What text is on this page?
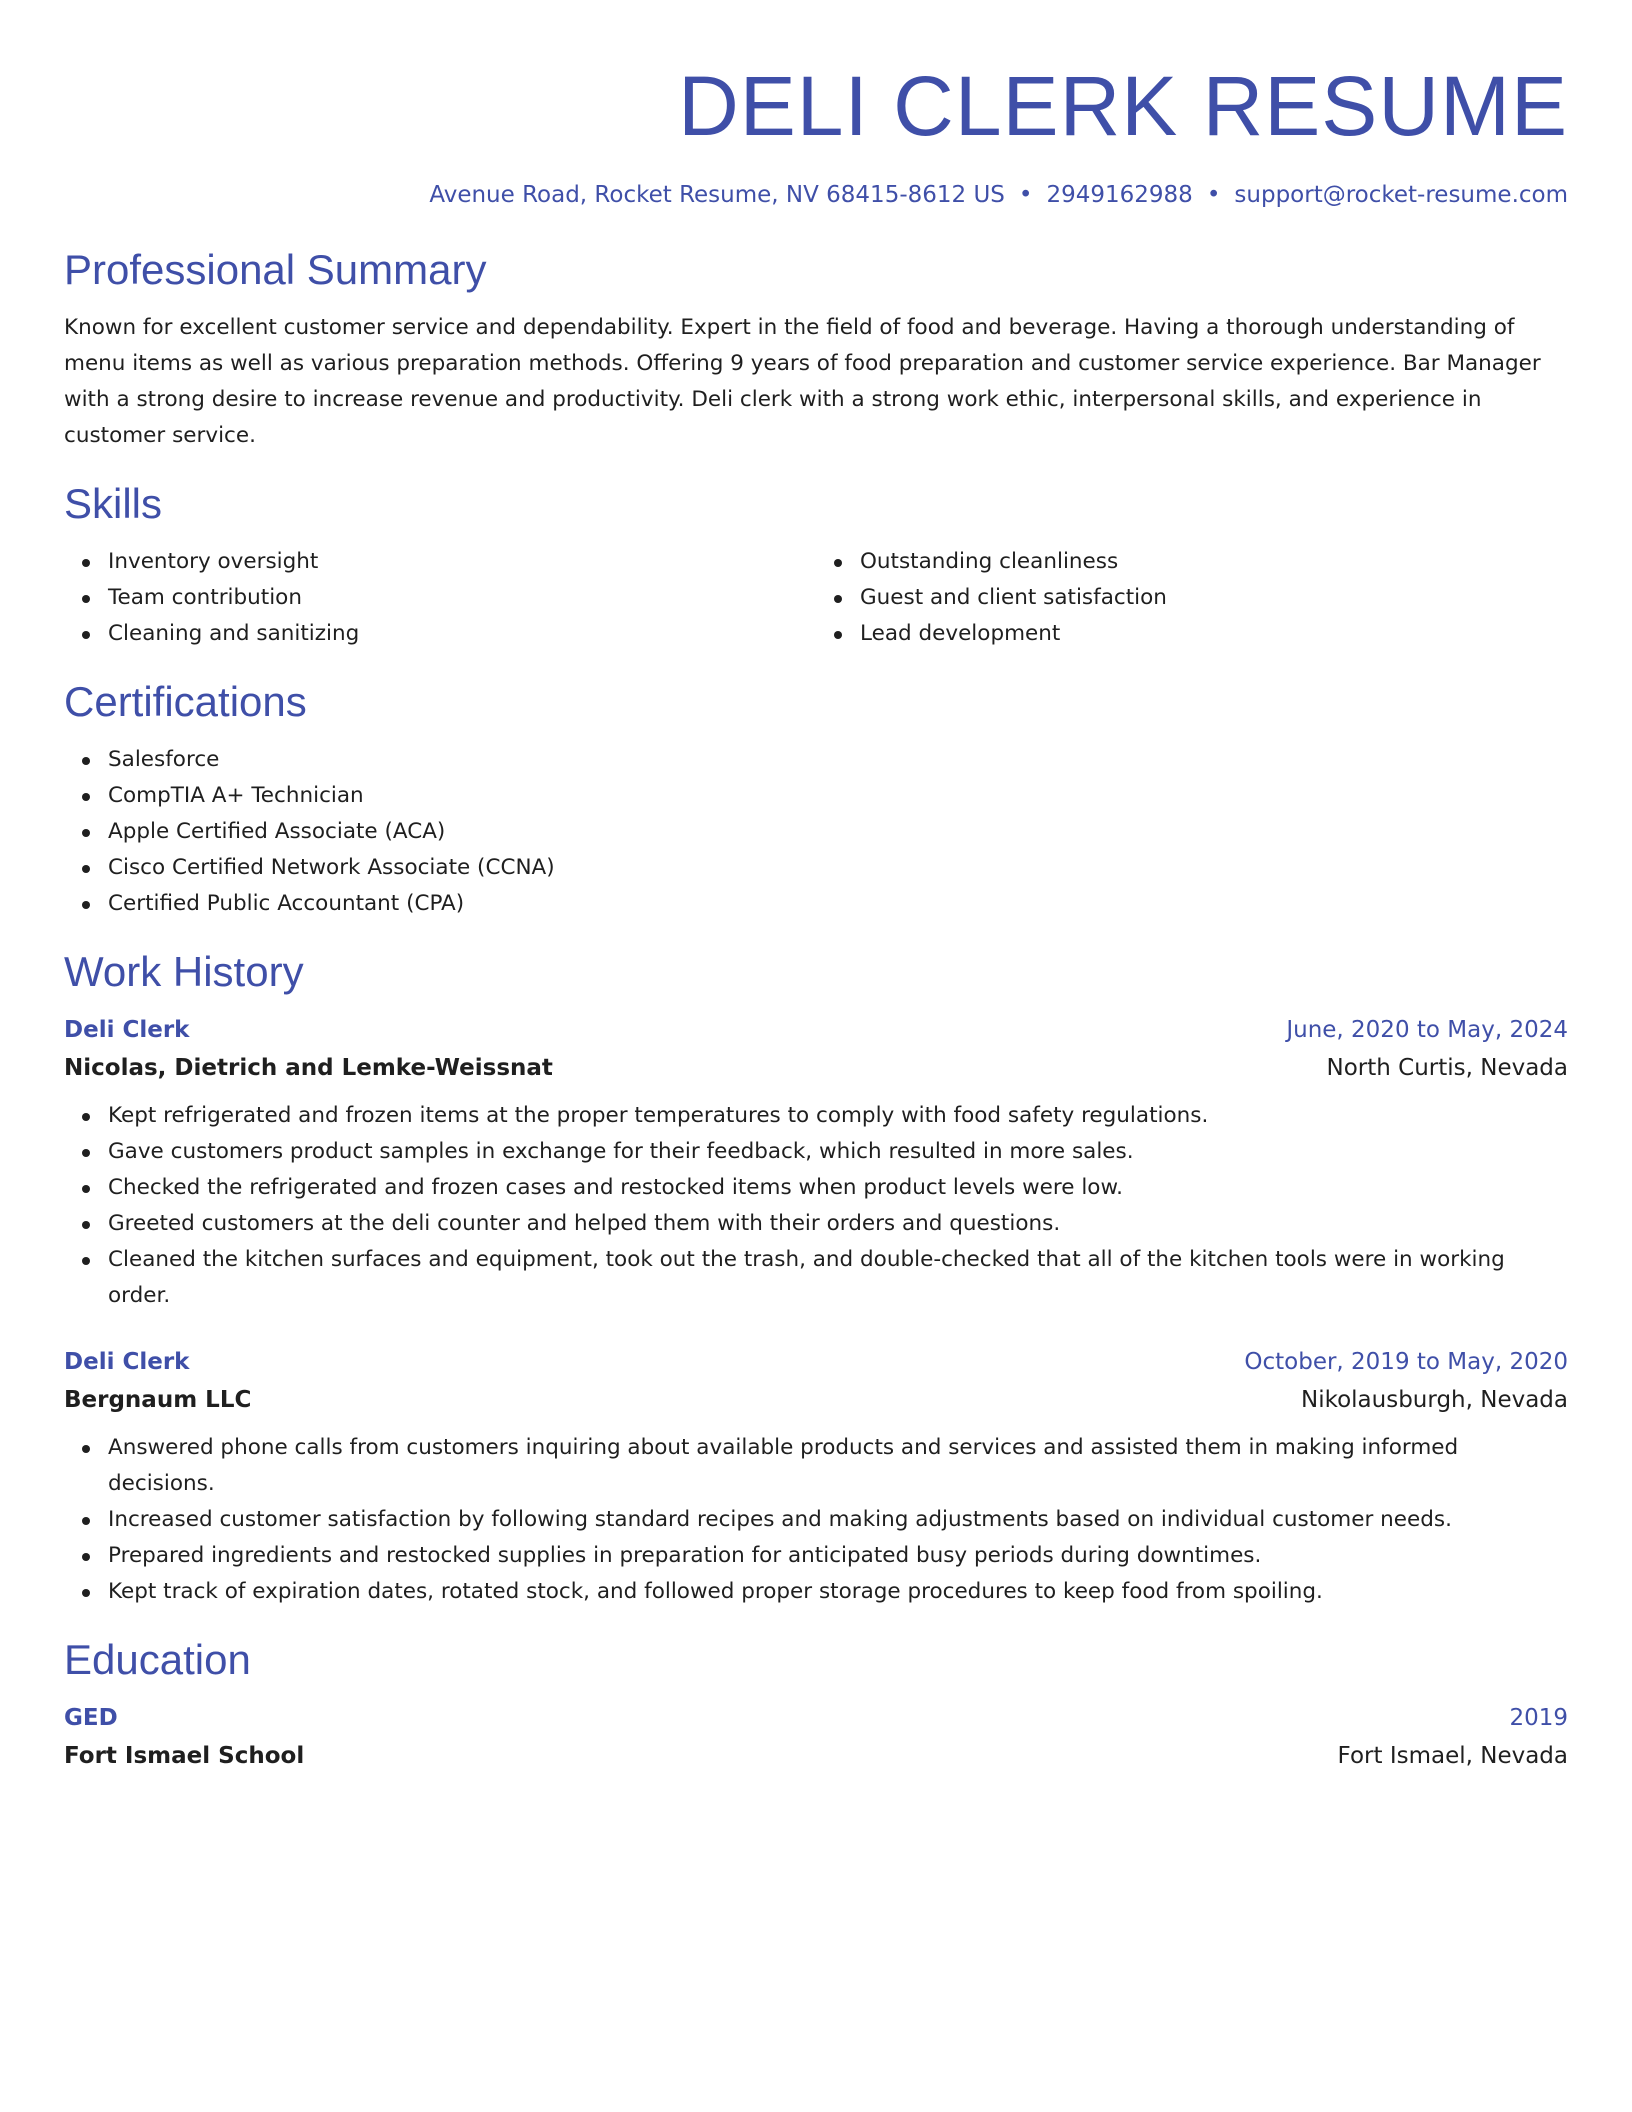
DELI CLERK RESUME
Avenue Road, Rocket Resume, NV 68415-8612 US • 2949162988 • support@rocket-resume.com
Professional Summary

Known for excellent customer service and dependability. Expert in the field of food and beverage. Having a thorough understanding of menu items as well as various preparation methods. Offering 9 years of food preparation and customer service experience. Bar Manager with a strong desire to increase revenue and productivity. Deli clerk with a strong work ethic, interpersonal skills, and experience in customer service.

Skills
Inventory oversight
Team contribution
Cleaning and sanitizing
Outstanding cleanliness
Guest and client satisfaction
Lead development
Certifications
Salesforce
CompTIA A+ Technician
Apple Certified Associate (ACA)
Cisco Certified Network Associate (CCNA)
Certified Public Accountant (CPA)
Work History
Deli Clerk	June, 2020 to May, 2024
Nicolas, Dietrich and Lemke-Weissnat	North Curtis, Nevada
Kept refrigerated and frozen items at the proper temperatures to comply with food safety regulations.
Gave customers product samples in exchange for their feedback, which resulted in more sales.
Checked the refrigerated and frozen cases and restocked items when product levels were low.
Greeted customers at the deli counter and helped them with their orders and questions.
Cleaned the kitchen surfaces and equipment, took out the trash, and double-checked that all of the kitchen tools were in working order.
Deli Clerk	October, 2019 to May, 2020
Bergnaum LLC	Nikolausburgh, Nevada
Answered phone calls from customers inquiring about available products and services and assisted them in making informed decisions.
Increased customer satisfaction by following standard recipes and making adjustments based on individual customer needs.
Prepared ingredients and restocked supplies in preparation for anticipated busy periods during downtimes.
Kept track of expiration dates, rotated stock, and followed proper storage procedures to keep food from spoiling.
Education
GED	2019
Fort Ismael School	Fort Ismael, Nevada
